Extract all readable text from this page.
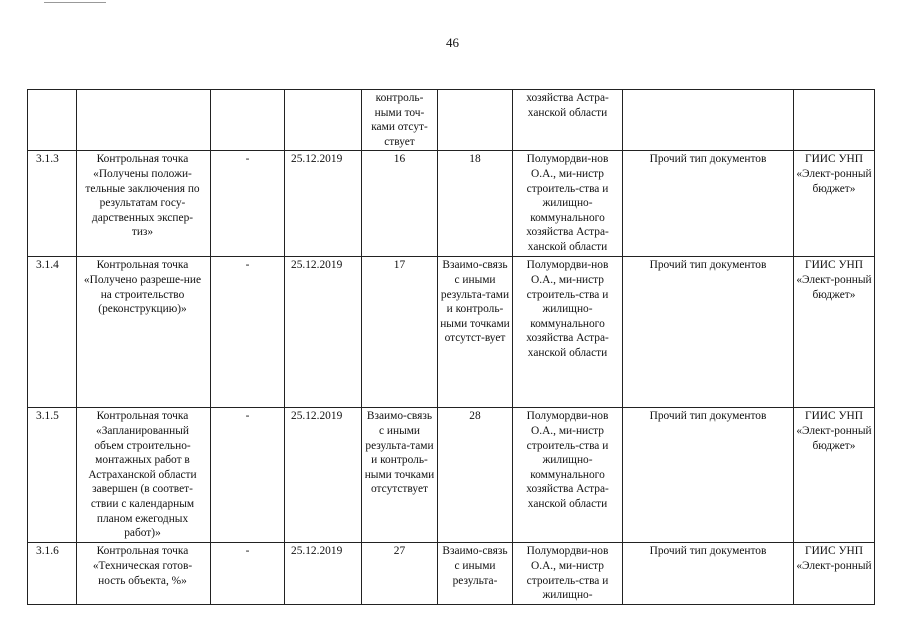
46
				контроль-ными точ-ками отсут-ствует		хозяйства Астра-ханской области		
3.1.3	Контрольная точка «Получены положи-тельные заключения по результатам госу-дарственных экспер-тиз»	-	25.12.2019	16	18	Полумордви-нов О.А., ми-нистр строитель-ства и жилищно-коммунального хозяйства Астра-ханской области	Прочий тип документов	ГИИС УНП «Элект-ронный бюджет»
3.1.4	Контрольная точка «Получено разреше-ние на строительство (реконструкцию)»	-	25.12.2019	17	Взаимо-связь с иными результа-тами и контроль-ными точками отсутст-вует	Полумордви-нов О.А., ми-нистр строитель-ства и жилищно-коммунального хозяйства Астра-ханской области	Прочий тип документов	ГИИС УНП «Элект-ронный бюджет»
3.1.5	Контрольная точка «Запланированный объем строительно-монтажных работ в Астраханской области завершен (в соответ-ствии с календарным планом ежегодных работ)»	-	25.12.2019	Взаимо-связь с иными результа-тами и контроль-ными точками отсутствует	28	Полумордви-нов О.А., ми-нистр строитель-ства и жилищно-коммунального хозяйства Астра-ханской области	Прочий тип документов	ГИИС УНП «Элект-ронный бюджет»
3.1.6	Контрольная точка «Техническая готов-ность объекта, %»	-	25.12.2019	27	Взаимо-связь с иными результа-	Полумордви-нов О.А., ми-нистр строитель-ства и жилищно-	Прочий тип документов	ГИИС УНП «Элект-ронный
